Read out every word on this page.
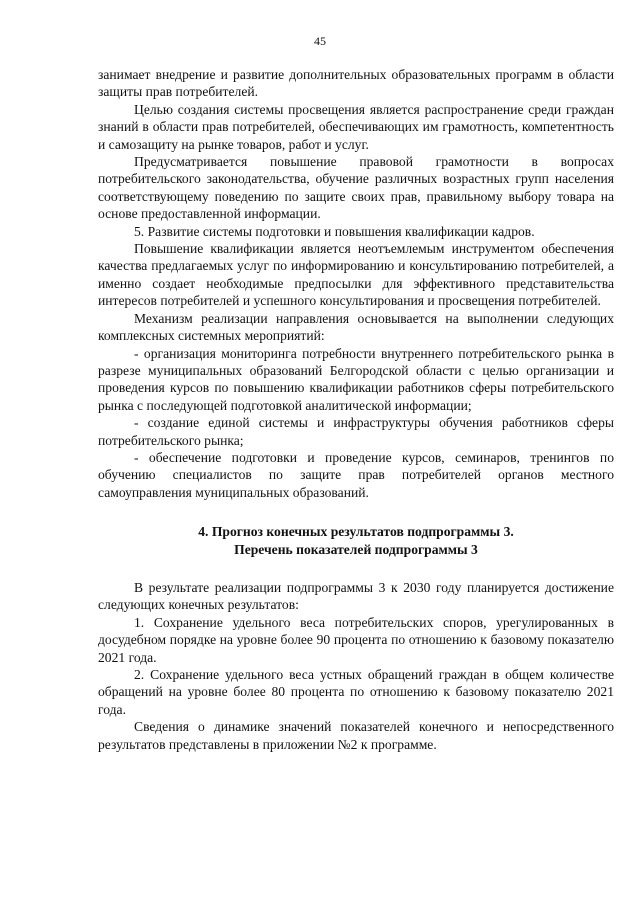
45

занимает внедрение и развитие дополнительных образовательных программ в области защиты прав потребителей.

Целью создания системы просвещения является распространение среди граждан знаний в области прав потребителей, обеспечивающих им грамотность, компетентность и самозащиту на рынке товаров, работ и услуг.

Предусматривается повышение правовой грамотности в вопросах потребительского законодательства, обучение различных возрастных групп населения соответствующему поведению по защите своих прав, правильному выбору товара на основе предоставленной информации.

5. Развитие системы подготовки и повышения квалификации кадров.

Повышение квалификации является неотъемлемым инструментом обеспечения качества предлагаемых услуг по информированию и консультированию потребителей, а именно создает необходимые предпосылки для эффективного представительства интересов потребителей и успешного консультирования и просвещения потребителей.

Механизм реализации направления основывается на выполнении следующих комплексных системных мероприятий:

- организация мониторинга потребности внутреннего потребительского рынка в разрезе муниципальных образований Белгородской области с целью организации и проведения курсов по повышению квалификации работников сферы потребительского рынка с последующей подготовкой аналитической информации;

- создание единой системы и инфраструктуры обучения работников сферы потребительского рынка;

- обеспечение подготовки и проведение курсов, семинаров, тренингов по обучению специалистов по защите прав потребителей органов местного самоуправления муниципальных образований.

4. Прогноз конечных результатов подпрограммы 3.

Перечень показателей подпрограммы 3

В результате реализации подпрограммы 3 к 2030 году планируется достижение следующих конечных результатов:

1. Сохранение удельного веса потребительских споров, урегулированных в досудебном порядке на уровне более 90 процента по отношению к базовому показателю 2021 года.

2. Сохранение удельного веса устных обращений граждан в общем количестве обращений на уровне более 80 процента по отношению к базовому показателю 2021 года.

Сведения о динамике значений показателей конечного и непосредственного результатов представлены в приложении №2 к программе.
